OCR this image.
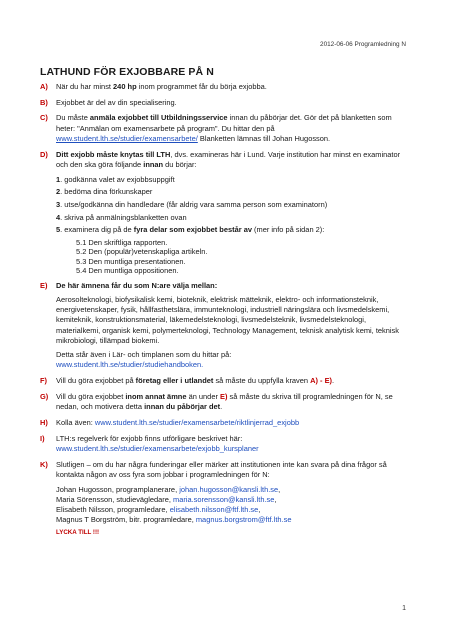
2012-06-06 Programledning N
LATHUND FÖR EXJOBBARE PÅ N
A) När du har minst 240 hp inom programmet får du börja exjobba.
B) Exjobbet är del av din specialisering.
C) Du måste anmäla exjobbet till Utbildningsservice innan du påbörjar det. Gör det på blanketten som heter: "Anmälan om examensarbete på program". Du hittar den på www.student.lth.se/studier/examensarbete/ Blanketten lämnas till Johan Hugosson.
D) Ditt exjobb måste knytas till LTH, dvs. examineras här i Lund. Varje institution har minst en examinator och den ska göra följande innan du börjar:
1. godkänna valet av exjobbsuppgift
2. bedöma dina förkunskaper
3. utse/godkänna din handledare (får aldrig vara samma person som examinatorn)
4. skriva på anmälningsblanketten ovan
5. examinera dig på de fyra delar som exjobbet består av (mer info på sidan 2):
5.1 Den skriftliga rapporten.
5.2 Den (populär)vetenskapliga artikeln.
5.3 Den muntliga presentationen.
5.4 Den muntliga oppositionen.
E) De här ämnena får du som N:are välja mellan:
Aerosolteknologi, biofysikalisk kemi, bioteknik, elektrisk mätteknik, elektro- och informationsteknik, energivetenskaper, fysik, hållfasthetslära, immunteknologi, industriell näringslära och livsmedelskemi, kemiteknik, konstruktionsmaterial, läkemedelsteknologi, livsmedelsteknik, livsmedelsteknologi, materialkemi, organisk kemi, polymerteknologi, Technology Management, teknisk analytisk kemi, teknisk mikrobiologi, tillämpad biokemi.
Detta står även i Lär- och timplanen som du hittar på:
www.student.lth.se/studier/studiehandboken.
F) Vill du göra exjobbet på företag eller i utlandet så måste du uppfylla kraven A) - E).
G) Vill du göra exjobbet inom annat ämne än under E) så måste du skriva till programledningen för N, se nedan, och motivera detta innan du påbörjar det.
H) Kolla även: www.student.lth.se/studier/examensarbete/riktlinjerrad_exjobb
I) LTH:s regelverk för exjobb finns utförligare beskrivet här:
www.student.lth.se/studier/examensarbete/exjobb_kursplaner
K) Slutligen – om du har några funderingar eller märker att institutionen inte kan svara på dina frågor så kontakta någon av oss fyra som jobbar i programledningen för N:
Johan Hugosson, programplanerare, johan.hugosson@kansli.lth.se,
Maria Sörensson, studievägledare, maria.sorensson@kansli.lth.se,
Elisabeth Nilsson, programledare, elisabeth.nilsson@ftf.lth.se,
Magnus T Borgström, bitr. programledare, magnus.borgstrom@ftf.lth.se
LYCKA TILL !!!
1
